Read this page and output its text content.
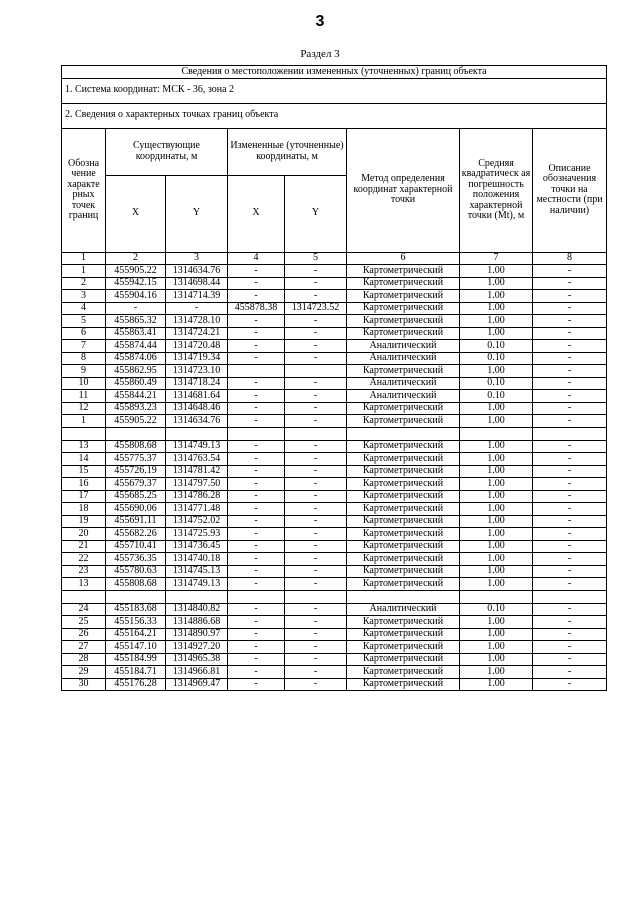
3
Раздел 3
Сведения о местоположении измененных (уточненных) границ объекта							
1. Система координат: МСК - 36, зона 2							
2. Сведения о характерных точках границ объекта							
Обозна чение характе рных точек границ	Существующие координаты, м		Измененные (уточненные) координаты, м		Метод определения координат характерной точки	Средняя квадратическ ая погрешность положения характерной точки (Mt), м	Описание обозначения точки на местности (при наличии)
	X	Y	X	Y			
1	2	3	4	5	6	7	8
1	455905.22	1314634.76	-	-	Картометрический	1.00	-
2	455942.15	1314698.44	-	-	Картометрический	1.00	-
3	455904.16	1314714.39	-	-	Картометрический	1.00	-
4	-	-	455878.38	1314723.52	Картометрический	1.00	-
5	455865.32	1314728.10	-	-	Картометрический	1.00	-
6	455863.41	1314724.21	-	-	Картометрический	1.00	-
7	455874.44	1314720.48	-	-	Аналитический	0.10	-
8	455874.06	1314719.34	-	-	Аналитический	0.10	-
9	455862.95	1314723.10			Картометрический	1.00	-
10	455860.49	1314718.24	-	-	Аналитический	0.10	-
11	455844.21	1314681.64	-	-	Аналитический	0.10	-
12	455893.23	1314648.46	-	-	Картометрический	1.00	-
1	455905.22	1314634.76	-	-	Картометрический	1.00	-

13	455808.68	1314749.13	-	-	Картометрический	1.00	-
14	455775.37	1314763.54	-	-	Картометрический	1.00	-
15	455726.19	1314781.42	-	-	Картометрический	1.00	-
16	455679.37	1314797.50	-	-	Картометрический	1.00	-
17	455685.25	1314786.28	-	-	Картометрический	1.00	-
18	455690.06	1314771.48	-	-	Картометрический	1.00	-
19	455691.11	1314752.02	-	-	Картометрический	1.00	-
20	455682.26	1314725.93	-	-	Картометрический	1.00	-
21	455710.41	1314736.45	-	-	Картометрический	1.00	-
22	455736.35	1314740.18	-	-	Картометрический	1.00	-
23	455780.63	1314745.13	-	-	Картометрический	1.00	-
13	455808.68	1314749.13	-	-	Картометрический	1.00	-

24	455183.68	1314840.82	-	-	Аналитический	0.10	-
25	455156.33	1314886.68	-	-	Картометрический	1.00	-
26	455164.21	1314890.97	-	-	Картометрический	1.00	-
27	455147.10	1314927.20	-	-	Картометрический	1.00	-
28	455184.99	1314965.38	-	-	Картометрический	1.00	-
29	455184.71	1314966.81	-	-	Картометрический	1.00	-
30	455176.28	1314969.47	-	-	Картометрический	1.00	-
